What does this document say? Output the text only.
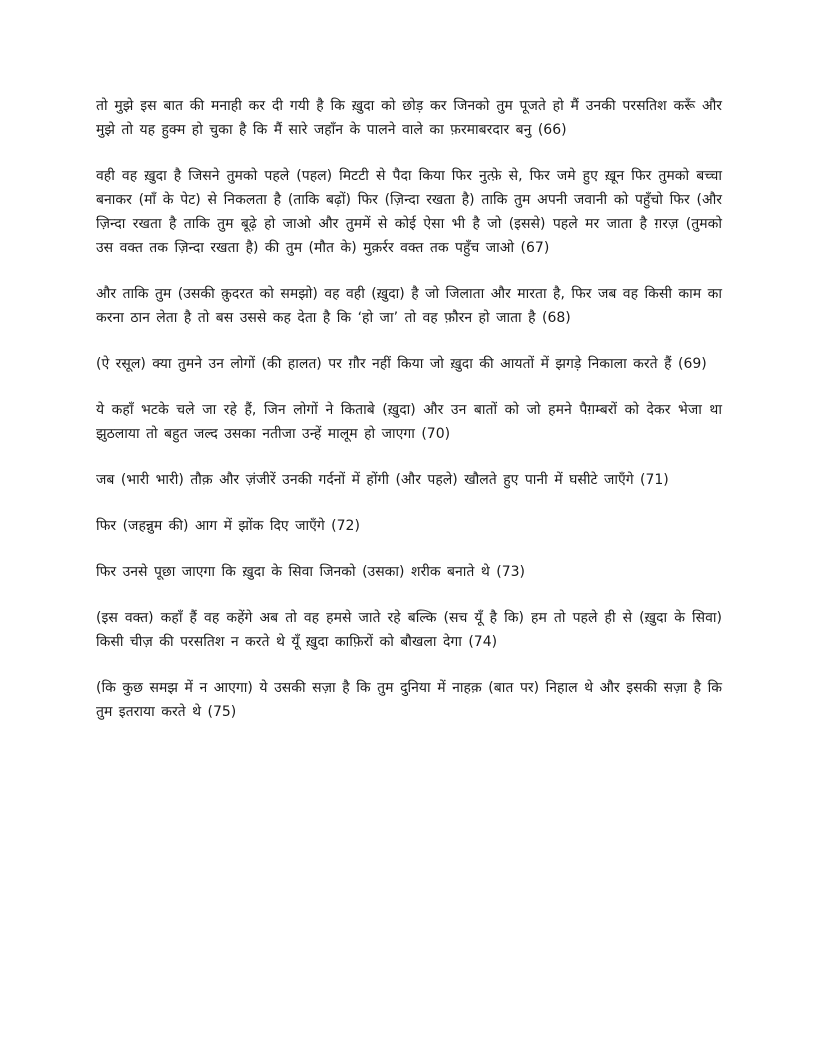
तो मुझे इस बात की मनाही कर दी गयी है कि ख़ुदा को छोड़ कर जिनको तुम पूजते हो मैं उनकी परसतिश करूँ और मुझे तो यह हुक्म हो चुका है कि मैं सारे जहाँन के पालने वाले का फ़रमाबरदार बनु (66)

वही वह ख़ुदा है जिसने तुमको पहले (पहल) मिटटी से पैदा किया फिर नुत्फ़े से, फिर जमे हुए ख़ून फिर तुमको बच्चा बनाकर (माँ के पेट) से निकलता है (ताकि बढ़ों) फिर (ज़िन्दा रखता है) ताकि तुम अपनी जवानी को पहुँचो फिर (और ज़िन्दा रखता है ताकि तुम बूढ़े हो जाओ और तुममें से कोई ऐसा भी है जो (इससे) पहले मर जाता है ग़रज़ (तुमको उस वक्त तक ज़िन्दा रखता है) की तुम (मौत के) मुक़र्रर वक्त तक पहुँच जाओ (67)

और ताकि तुम (उसकी क़ुदरत को समझो) वह वही (ख़ुदा) है जो जिलाता और मारता है, फिर जब वह किसी काम का करना ठान लेता है तो बस उससे कह देता है कि ‘हो जा’ तो वह फ़ौरन हो जाता है (68)

(ऐ रसूल) क्या तुमने उन लोगों (की हालत) पर ग़ौर नहीं किया जो ख़ुदा की आयतों में झगड़े निकाला करते हैं (69)

ये कहाँ भटके चले जा रहे हैं, जिन लोगों ने किताबे (ख़ुदा) और उन बातों को जो हमने पैग़म्बरों को देकर भेजा था झुठलाया तो बहुत जल्द उसका नतीजा उन्हें मालूम हो जाएगा (70)

जब (भारी भारी) तौक़ और ज़ंजीरें उनकी गर्दनों में होंगी (और पहले) खौलते हुए पानी में घसीटे जाएँगे (71)

फिर (जहन्नुम की) आग में झोंक दिए जाएँगे (72)

फिर उनसे पूछा जाएगा कि ख़ुदा के सिवा जिनको (उसका) शरीक बनाते थे (73)

(इस वक्त) कहाँ हैं वह कहेंगे अब तो वह हमसे जाते रहे बल्कि (सच यूँ है कि) हम तो पहले ही से (ख़ुदा के सिवा) किसी चीज़ की परसतिश न करते थे यूँ ख़ुदा काफ़िरों को बौखला देगा (74)

(कि कुछ समझ में न आएगा) ये उसकी सज़ा है कि तुम दुनिया में नाहक़ (बात पर) निहाल थे और इसकी सज़ा है कि तुम इतराया करते थे (75)
